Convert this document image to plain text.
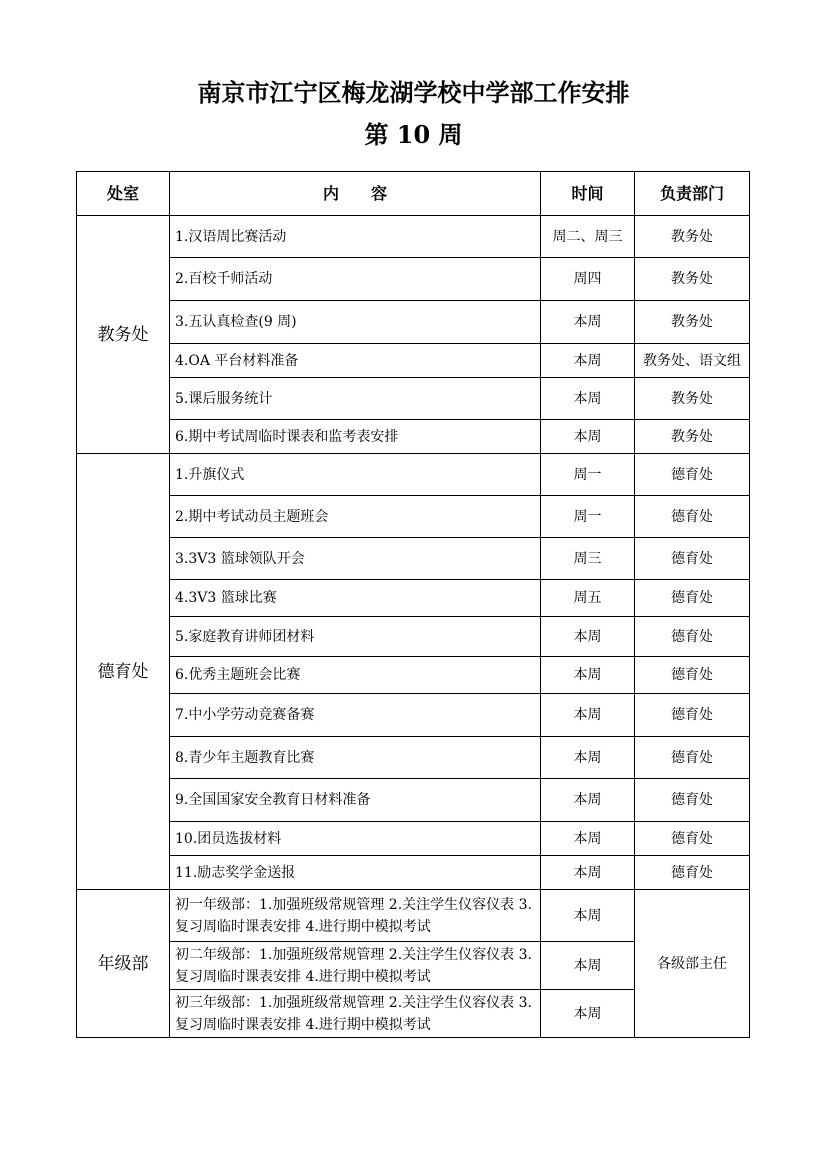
南京市江宁区梅龙湖学校中学部工作安排
第 10 周
处室	内　　容	时间	负责部门
教务处	1.汉语周比赛活动	周二、周三	教务处
	2.百校千师活动	周四	教务处
	3.五认真检查(9 周)	本周	教务处
	4.OA 平台材料准备	本周	教务处、语文组
	5.课后服务统计	本周	教务处
	6.期中考试周临时课表和监考表安排	本周	教务处
德育处	1.升旗仪式	周一	德育处
	2.期中考试动员主题班会	周一	德育处
	3.3V3 篮球领队开会	周三	德育处
	4.3V3 篮球比赛	周五	德育处
	5.家庭教育讲师团材料	本周	德育处
	6.优秀主题班会比赛	本周	德育处
	7.中小学劳动竞赛备赛	本周	德育处
	8.青少年主题教育比赛	本周	德育处
	9.全国国家安全教育日材料准备	本周	德育处
	10.团员选拔材料	本周	德育处
	11.励志奖学金送报	本周	德育处
年级部	初一年级部：1.加强班级常规管理 2.关注学生仪容仪表 3.复习周临时课表安排 4.进行期中模拟考试	本周	各级部主任
	初二年级部：1.加强班级常规管理 2.关注学生仪容仪表 3.复习周临时课表安排 4.进行期中模拟考试	本周	
	初三年级部：1.加强班级常规管理 2.关注学生仪容仪表 3.复习周临时课表安排 4.进行期中模拟考试	本周	
